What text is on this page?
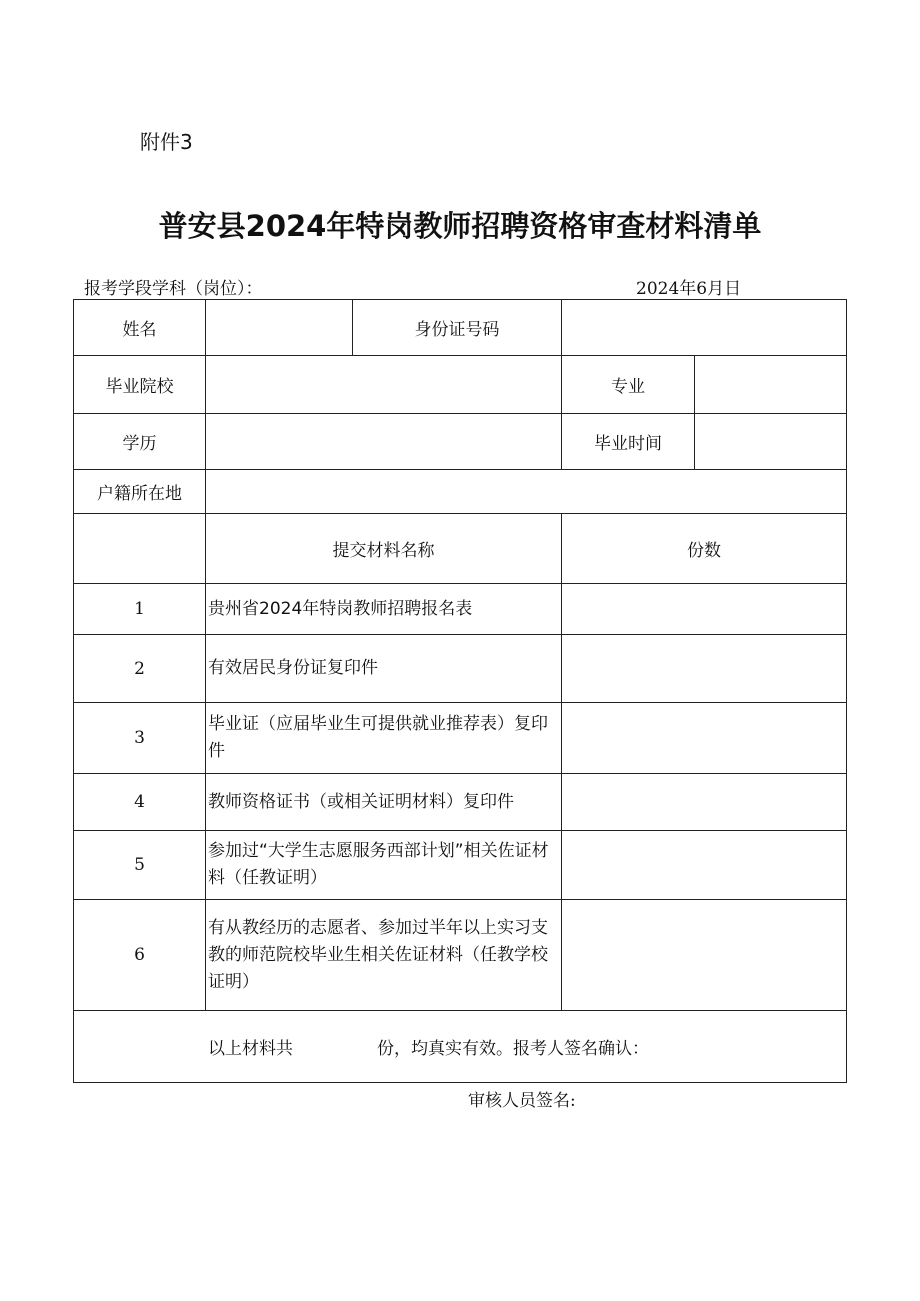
附件3
普安县2024年特岗教师招聘资格审查材料清单
报考学段学科（岗位）：	2024年6月日
姓名		身份证号码		
毕业院校			专业	
学历			毕业时间	
户籍所在地				
	提交材料名称		份数	
1	贵州省2024年特岗教师招聘报名表			
2	有效居民身份证复印件			
3	毕业证（应届毕业生可提供就业推荐表）复印件			
4	教师资格证书（或相关证明材料）复印件			
5	参加过“大学生志愿服务西部计划”相关佐证材料（任教证明）			
6	有从教经历的志愿者、参加过半年以上实习支教的师范院校毕业生相关佐证材料（任教学校证明）			
以上材料共 份，均真实有效。报考人签名确认：				
审核人员签名:
